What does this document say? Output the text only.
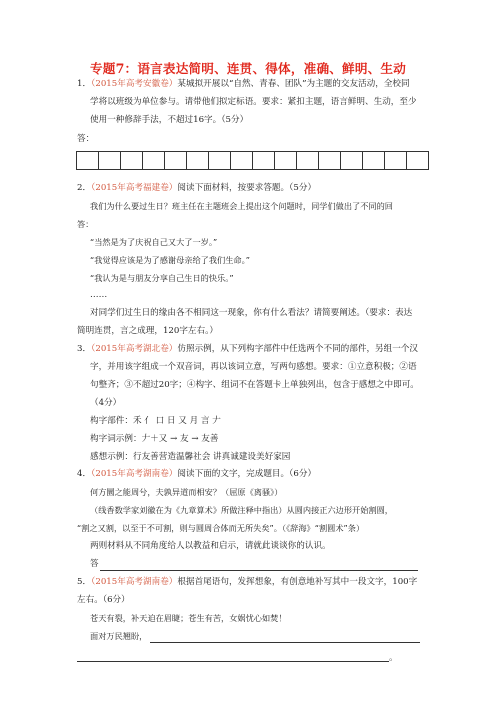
专题7：语言表达简明、连贯、得体，准确、鲜明、生动
1．（2015年高考安徽卷）某城拟开展以“自然、青春、团队”为主题的交友活动，全校同
学将以班级为单位参与。请带他们拟定标语。要求：紧扣主题，语言鲜明、生动，至少
使用一种修辞手法，不超过16字。（5分）
答：

2．（2015年高考福建卷）阅读下面材料，按要求答题。（5分）
我们为什么要过生日？班主任在主题班会上提出这个问题时，同学们做出了不同的回
答：
“当然是为了庆祝自己又大了一岁。”
“我觉得应该是为了感谢母亲给了我们生命。”
“我认为是与朋友分享自己生日的快乐。”
……
对同学们过生日的缘由各不相同这一现象，你有什么看法？请简要阐述。（要求：表达
简明连贯，言之成理，120字左右。）
3．（2015年高考湖北卷）仿照示例，从下列构字部件中任选两个不同的部件，另组一个汉
字，并用该字组成一个双音词，再以该词立意，写两句感想。要求：①立意积极；②语
句整齐；③不超过20字；④构字、组词不在答题卡上单独列出，包含于感想之中即可。
（4分）
构字部件：禾 亻 口 日 又 月 言 𠂇
构字词示例：𠂇＋又 → 友 → 友善
感想示例：行友善营造温馨社会 讲真诚建设美好家园
4．（2015年高考湖南卷）阅读下面的文字，完成题目。（6分）
何方圜之能周兮，夫孰异道而相安？（屈原《离骚》）
（线香数学家刘徽在为《九章算术》所做注释中指出）从圆内接正六边形开始割圆，
“割之又割，以至于不可割，则与圆周合体而无所失矣”。（《辞海》“割圆术”条）
两则材料从不同角度给人以教益和启示，请就此谈谈你的认识。
答
5．（2015年高考湖南卷）根据首尾语句，发挥想象，有创意地补写其中一段文字，100字
左右。（6分）
苍天有裂，补天迫在眉睫；苍生有苦，女娲忧心如焚！
面对万民翘盼，
。
